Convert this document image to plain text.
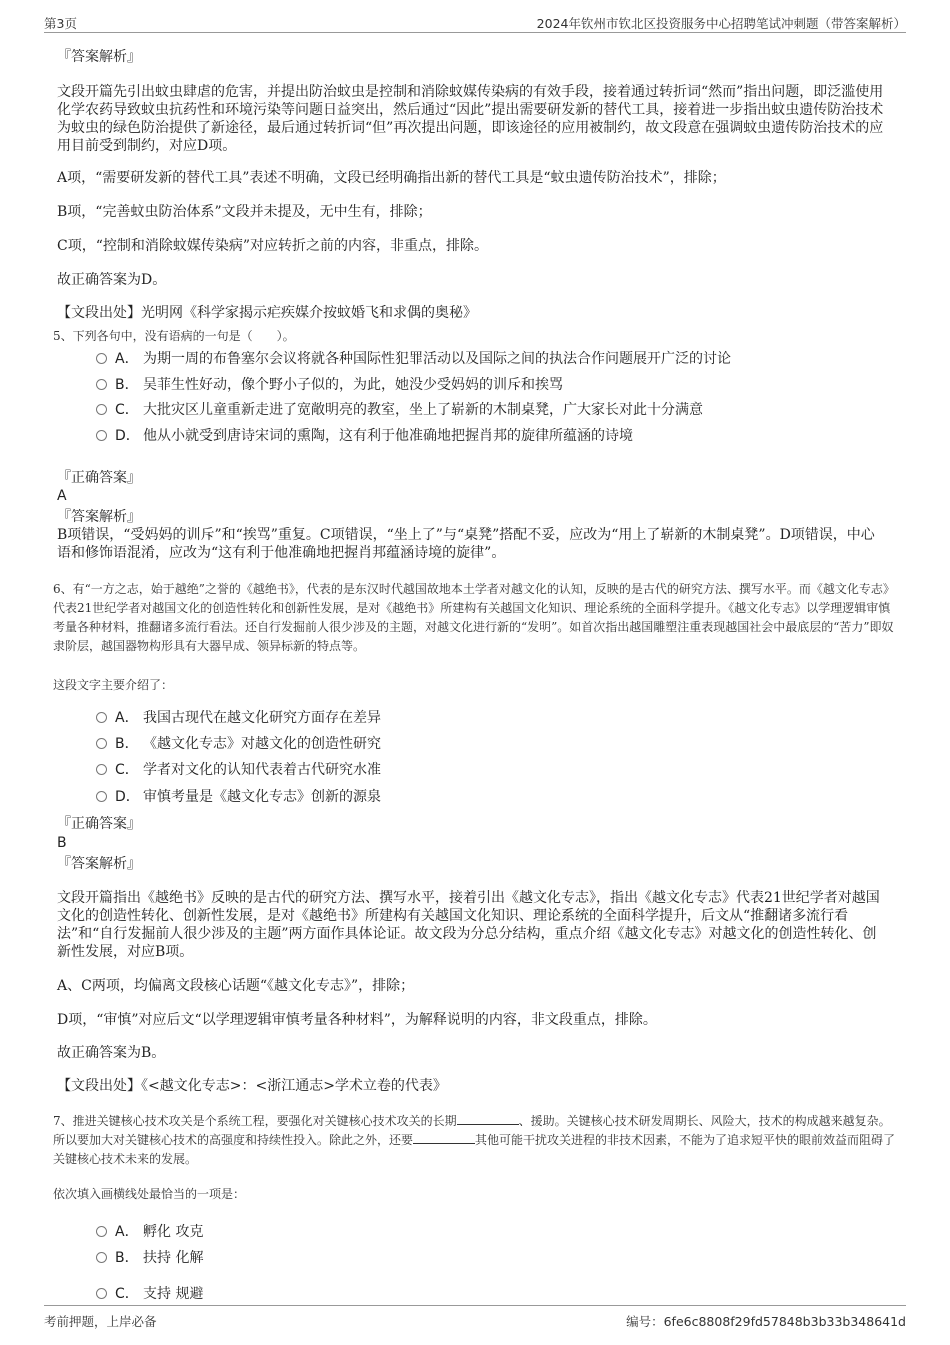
第3页	2024年钦州市钦北区投资服务中心招聘笔试冲刺题（带答案解析）
『答案解析』
文段开篇先引出蚊虫肆虐的危害，并提出防治蚊虫是控制和消除蚊媒传染病的有效手段，接着通过转折词“然而”指出问题，即泛滥使用化学农药导致蚊虫抗药性和环境污染等问题日益突出，然后通过“因此”提出需要研发新的替代工具，接着进一步指出蚊虫遗传防治技术为蚊虫的绿色防治提供了新途径，最后通过转折词“但”再次提出问题，即该途径的应用被制约，故文段意在强调蚊虫遗传防治技术的应用目前受到制约，对应D项。
A项，“需要研发新的替代工具”表述不明确，文段已经明确指出新的替代工具是“蚊虫遗传防治技术”，排除；
B项，“完善蚊虫防治体系”文段并未提及，无中生有，排除；
C项，“控制和消除蚊媒传染病”对应转折之前的内容，非重点，排除。
故正确答案为D。
【文段出处】光明网《科学家揭示疟疾媒介按蚊婚飞和求偶的奥秘》
5、下列各句中，没有语病的一句是（　　）。
A． 为期一周的布鲁塞尔会议将就各种国际性犯罪活动以及国际之间的执法合作问题展开广泛的讨论
B． 吴菲生性好动，像个野小子似的，为此，她没少受妈妈的训斥和挨骂
C． 大批灾区儿童重新走进了宽敞明亮的教室，坐上了崭新的木制桌凳，广大家长对此十分满意
D． 他从小就受到唐诗宋词的熏陶，这有利于他准确地把握肖邦的旋律所蕴涵的诗境
『正确答案』
A
『答案解析』
B项错误，“受妈妈的训斥”和“挨骂”重复。C项错误，“坐上了”与“桌凳”搭配不妥，应改为“用上了崭新的木制桌凳”。D项错误，中心语和修饰语混淆，应改为“这有利于他准确地把握肖邦蕴涵诗境的旋律”。
6、有“一方之志，始于越绝”之誉的《越绝书》，代表的是东汉时代越国故地本土学者对越文化的认知，反映的是古代的研究方法、撰写水平。而《越文化专志》代表21世纪学者对越国文化的创造性转化和创新性发展，是对《越绝书》所建构有关越国文化知识、理论系统的全面科学提升。《越文化专志》以学理逻辑审慎考量各种材料，推翻诸多流行看法。还自行发掘前人很少涉及的主题，对越文化进行新的“发明”。如首次指出越国雕塑注重表现越国社会中最底层的“苦力”即奴隶阶层，越国器物构形具有大器早成、领异标新的特点等。
这段文字主要介绍了：
A． 我国古现代在越文化研究方面存在差异
B． 《越文化专志》对越文化的创造性研究
C． 学者对文化的认知代表着古代研究水准
D． 审慎考量是《越文化专志》创新的源泉
『正确答案』
B
『答案解析』
文段开篇指出《越绝书》反映的是古代的研究方法、撰写水平，接着引出《越文化专志》，指出《越文化专志》代表21世纪学者对越国文化的创造性转化、创新性发展，是对《越绝书》所建构有关越国文化知识、理论系统的全面科学提升，后文从“推翻诸多流行看法”和“自行发掘前人很少涉及的主题”两方面作具体论证。故文段为分总分结构，重点介绍《越文化专志》对越文化的创造性转化、创新性发展，对应B项。
A、C两项，均偏离文段核心话题“《越文化专志》”，排除；
D项，“审慎”对应后文“以学理逻辑审慎考量各种材料”，为解释说明的内容，非文段重点，排除。
故正确答案为B。
【文段出处】《<越文化专志>：<浙江通志>学术立卷的代表》
7、推进关键核心技术攻关是个系统工程，要强化对关键核心技术攻关的长期	、援助。关键核心技术研发周期长、风险大，技术的构成越来越复杂。所以要加大对关键核心技术的高强度和持续性投入。除此之外，还要	其他可能干扰攻关进程的非技术因素，不能为了追求短平快的眼前效益而阻碍了关键核心技术未来的发展。
依次填入画横线处最恰当的一项是：
A． 孵化 攻克
B． 扶持 化解
C． 支持 规避
考前押题，上岸必备	编号：6fe6c8808f29fd57848b3b33b348641d
